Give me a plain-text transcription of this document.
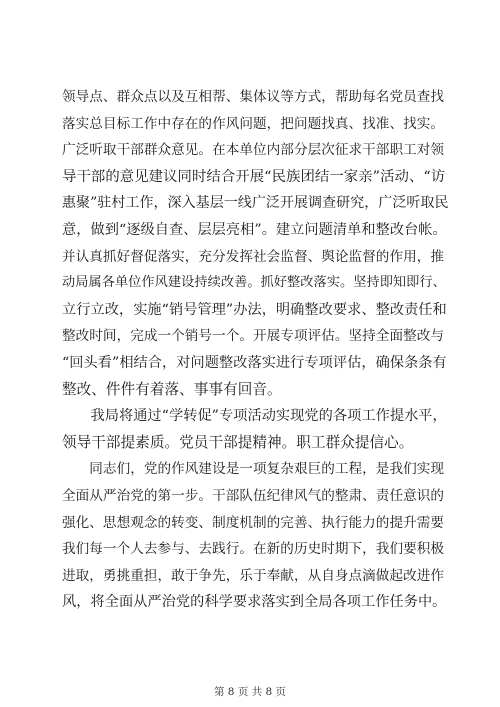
领导点、群众点以及互相帮、集体议等方式，帮助每名党员查找
落实总目标工作中存在的作风问题，把问题找真、找准、找实。
广泛听取干部群众意见。在本单位内部分层次征求干部职工对领
导干部的意见建议同时结合开展“民族团结一家亲”活动、“访
惠聚”驻村工作，深入基层一线广泛开展调查研究，广泛听取民
意，做到“逐级自查、层层亮相”。建立问题清单和整改台帐。
并认真抓好督促落实，充分发挥社会监督、舆论监督的作用，推
动局属各单位作风建设持续改善。抓好整改落实。坚持即知即行、
立行立改，实施“销号管理”办法，明确整改要求、整改责任和
整改时间，完成一个销号一个。开展专项评估。坚持全面整改与
“回头看”相结合，对问题整改落实进行专项评估，确保条条有
整改、件件有着落、事事有回音。
　　我局将通过“学转促”专项活动实现党的各项工作提水平，
领导干部提素质。党员干部提精神。职工群众提信心。
　　同志们，党的作风建设是一项复杂艰巨的工程，是我们实现
全面从严治党的第一步。干部队伍纪律风气的整肃、责任意识的
强化、思想观念的转变、制度机制的完善、执行能力的提升需要
我们每一个人去参与、去践行。在新的历史时期下，我们要积极
进取，勇挑重担，敢于争先，乐于奉献，从自身点滴做起改进作
风，将全面从严治党的科学要求落实到全局各项工作任务中。
第 8 页 共 8 页
